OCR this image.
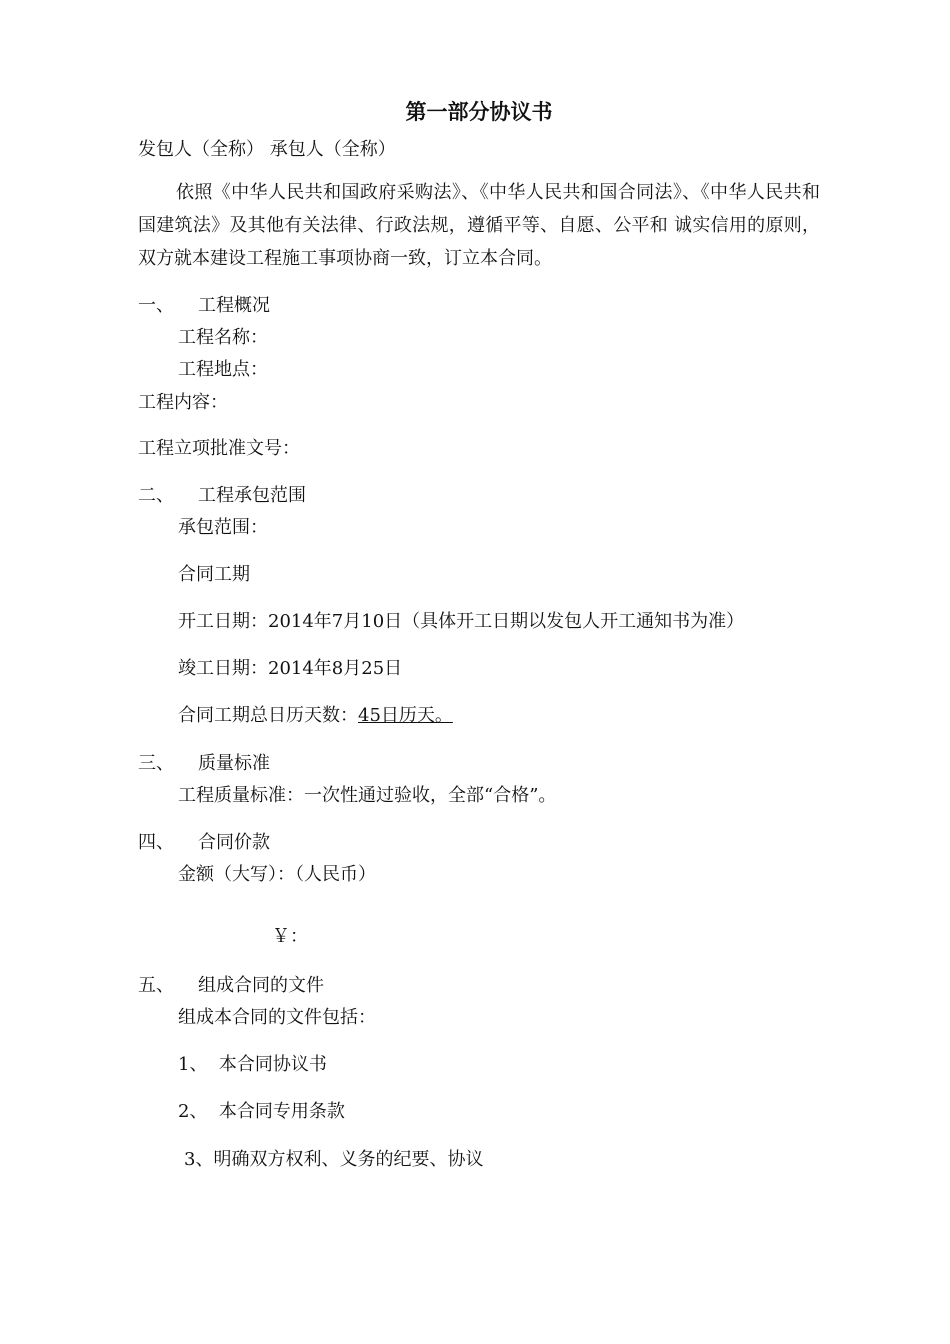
第一部分协议书
发包人（全称） 承包人（全称）
依照《中华人民共和国政府采购法》、《中华人民共和国合同法》、《中华人民共和国建筑法》及其他有关法律、行政法规，遵循平等、自愿、公平和 诚实信用的原则，双方就本建设工程施工事项协商一致，订立本合同。
一、 工程概况
工程名称：
工程地点：
工程内容：
工程立项批准文号：
二、 工程承包范围
承包范围：
合同工期
开工日期：2014年7月10日（具体开工日期以发包人开工通知书为准）
竣工日期：2014年8月25日
合同工期总日历天数：45日历天。
三、 质量标准
工程质量标准：一次性通过验收，全部“合格”。
四、 合同价款
金额（大写）：（人民币）
￥：
五、 组成合同的文件
组成本合同的文件包括：
1、  本合同协议书
2、  本合同专用条款
3、明确双方权利、义务的纪要、协议
